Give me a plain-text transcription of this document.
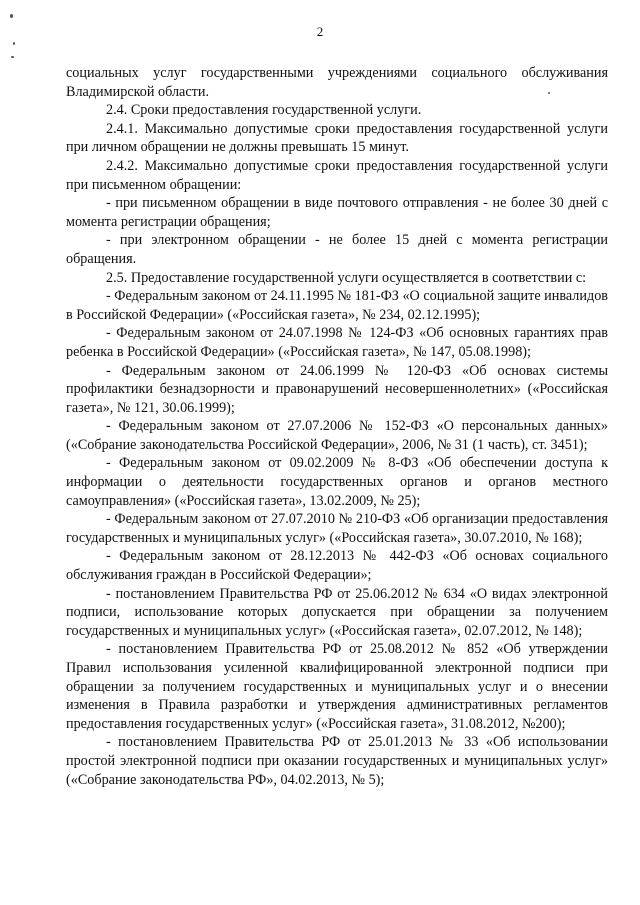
2

социальных услуг государственными учреждениями социального обслуживания Владимирской области.

2.4. Сроки предоставления государственной услуги.

2.4.1. Максимально допустимые сроки предоставления государственной услуги при личном обращении не должны превышать 15 минут.

2.4.2. Максимально допустимые сроки предоставления государственной услуги при письменном обращении:

- при письменном обращении в виде почтового отправления - не более 30 дней с момента регистрации обращения;

- при электронном обращении - не более 15 дней с момента регистрации обращения.

2.5. Предоставление государственной услуги осуществляется в соответствии с:

- Федеральным законом от 24.11.1995 № 181-ФЗ «О социальной защите инвалидов в Российской Федерации» («Российская газета», № 234, 02.12.1995);

- Федеральным законом от 24.07.1998 № 124-ФЗ «Об основных гарантиях прав ребенка в Российской Федерации» («Российская газета», № 147, 05.08.1998);

- Федеральным законом от 24.06.1999 № 120-ФЗ «Об основах системы профилактики безнадзорности и правонарушений несовершеннолетних» («Российская газета», № 121, 30.06.1999);

- Федеральным законом от 27.07.2006 № 152-ФЗ «О персональных данных» («Собрание законодательства Российской Федерации», 2006, № 31 (1 часть), ст. 3451);

- Федеральным законом от 09.02.2009 № 8-ФЗ «Об обеспечении доступа к информации о деятельности государственных органов и органов местного самоуправления» («Российская газета», 13.02.2009, № 25);

- Федеральным законом от 27.07.2010 № 210-ФЗ «Об организации предоставления государственных и муниципальных услуг» («Российская газета», 30.07.2010, № 168);

- Федеральным законом от 28.12.2013 № 442-ФЗ «Об основах социального обслуживания граждан в Российской Федерации»;

- постановлением Правительства РФ от 25.06.2012 № 634 «О видах электронной подписи, использование которых допускается при обращении за получением государственных и муниципальных услуг» («Российская газета», 02.07.2012, № 148);

- постановлением Правительства РФ от 25.08.2012 № 852 «Об утверждении Правил использования усиленной квалифицированной электронной подписи при обращении за получением государственных и муниципальных услуг и о внесении изменения в Правила разработки и утверждения административных регламентов предоставления государственных услуг» («Российская газета», 31.08.2012, №200);

- постановлением Правительства РФ от 25.01.2013 № 33 «Об использовании простой электронной подписи при оказании государственных и муниципальных услуг» («Собрание законодательства РФ», 04.02.2013, № 5);
